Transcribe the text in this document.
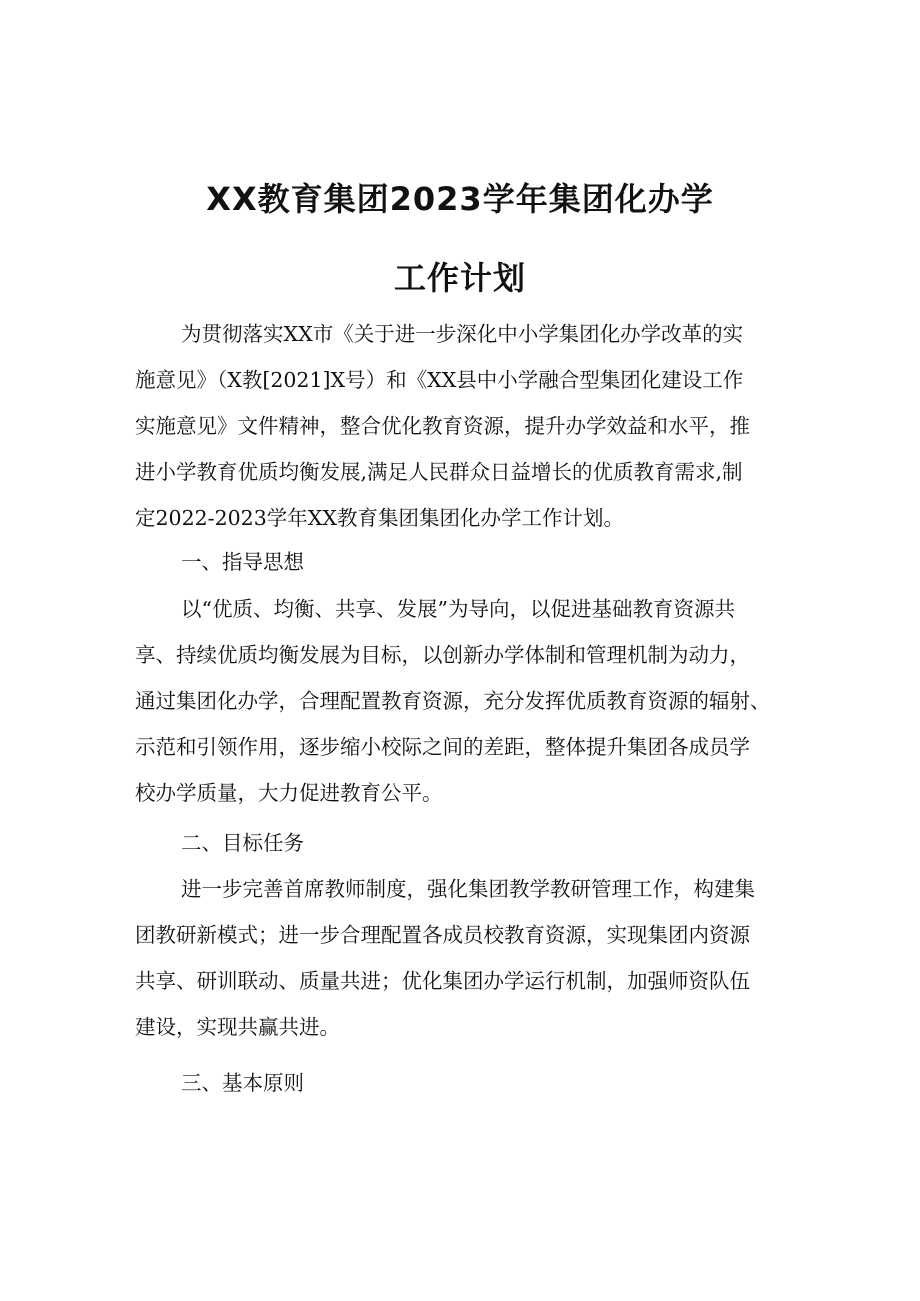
XX教育集团2023学年集团化办学
工作计划
为贯彻落实XX市《关于进一步深化中小学集团化办学改革的实
施意见》（X教[2021]X号）和《XX县中小学融合型集团化建设工作
实施意见》文件精神，整合优化教育资源，提升办学效益和水平，推
进小学教育优质均衡发展,满足人民群众日益增长的优质教育需求,制
定2022-2023学年XX教育集团集团化办学工作计划。
一、指导思想
以“优质、均衡、共享、发展”为导向，以促进基础教育资源共
享、持续优质均衡发展为目标，以创新办学体制和管理机制为动力，
通过集团化办学，合理配置教育资源，充分发挥优质教育资源的辐射、
示范和引领作用，逐步缩小校际之间的差距，整体提升集团各成员学
校办学质量，大力促进教育公平。
二、目标任务
进一步完善首席教师制度，强化集团教学教研管理工作，构建集
团教研新模式；进一步合理配置各成员校教育资源，实现集团内资源
共享、研训联动、质量共进；优化集团办学运行机制，加强师资队伍
建设，实现共赢共进。
三、基本原则
